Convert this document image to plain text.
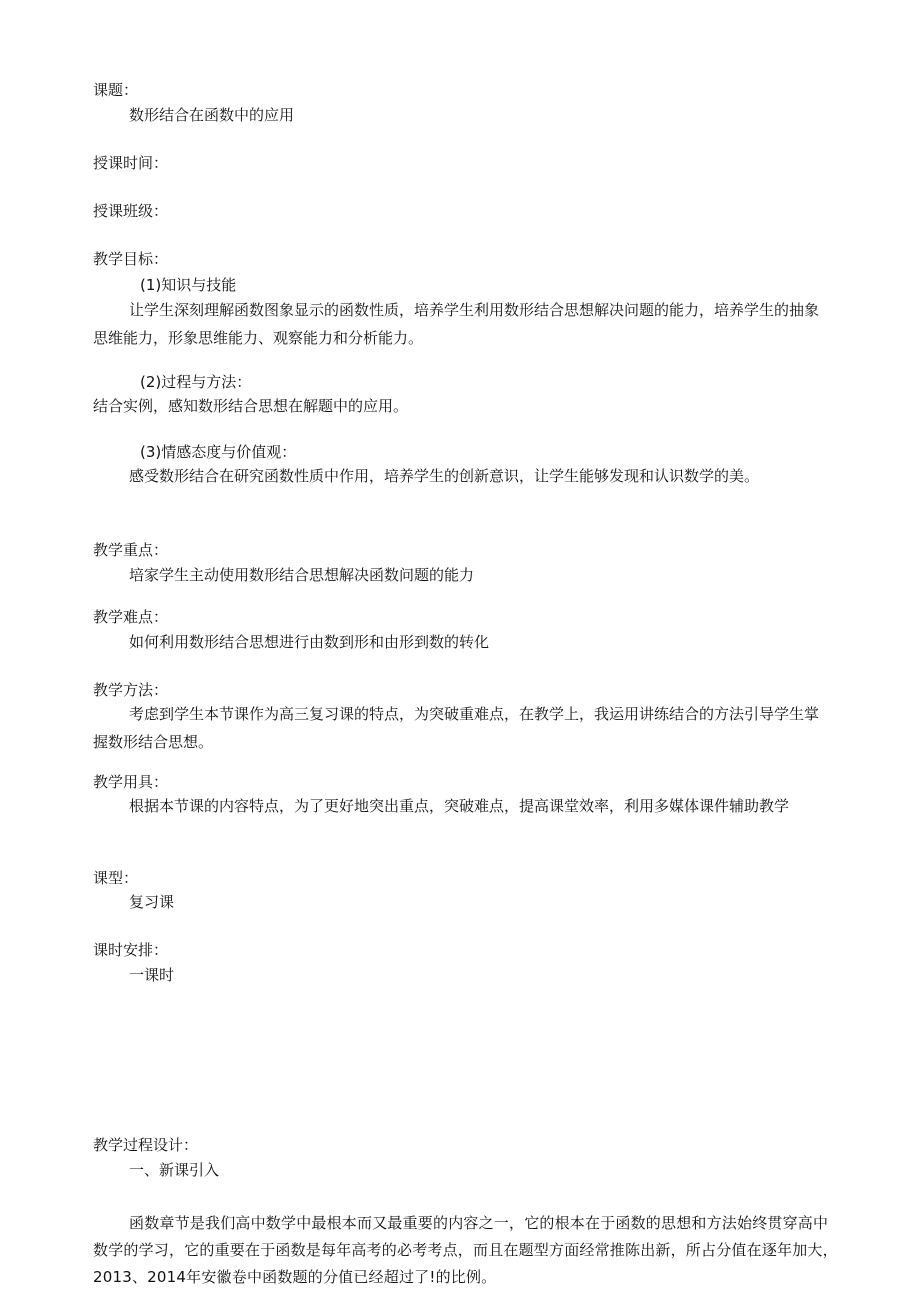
课题：
数形结合在函数中的应用
授课时间：
授课班级：
教学目标：
(1)知识与技能
让学生深刻理解函数图象显示的函数性质，培养学生利用数形结合思想解决问题的能力，培养学生的抽象思维能力，形象思维能力、观察能力和分析能力。
(2)过程与方法：
结合实例，感知数形结合思想在解题中的应用。
(3)情感态度与价值观：
感受数形结合在研究函数性质中作用，培养学生的创新意识，让学生能够发现和认识数学的美。
教学重点：
培家学生主动使用数形结合思想解决函数问题的能力
教学难点：
如何利用数形结合思想进行由数到形和由形到数的转化
教学方法：
考虑到学生本节课作为高三复习课的特点，为突破重难点，在教学上，我运用讲练结合的方法引导学生掌握数形结合思想。
教学用具：
根据本节课的内容特点，为了更好地突出重点，突破难点，提高课堂效率，利用多媒体课件辅助教学
课型：
复习课
课时安排：
一课时
教学过程设计：
一、新课引入
函数章节是我们高中数学中最根本而又最重要的内容之一，它的根本在于函数的思想和方法始终贯穿高中数学的学习，它的重要在于函数是每年高考的必考考点，而且在题型方面经常推陈出新，所占分值在逐年加大，2013、2014年安徽卷中函数题的分值已经超过了!的比例。
